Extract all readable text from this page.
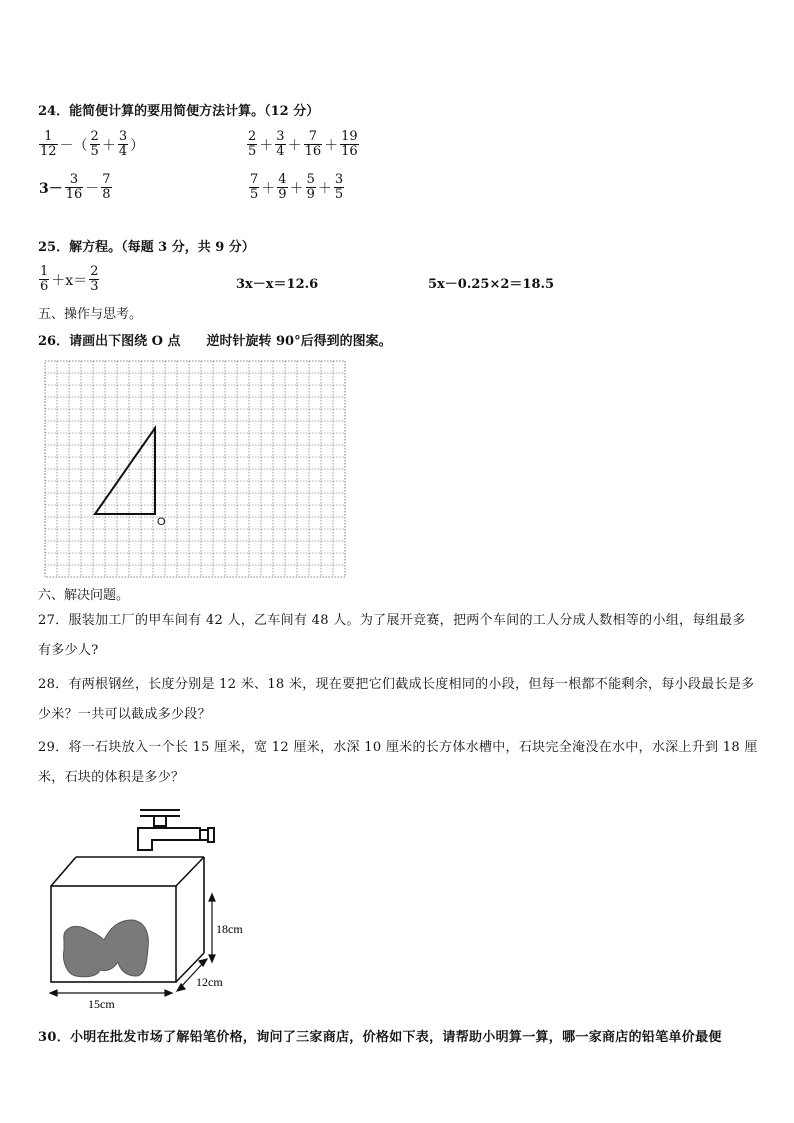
24．能简便计算的要用简便方法计算。（12 分）
$\frac{1}{12}$ －（ $\frac{2}{5} + \frac{3}{4}$ ）	$\frac{2}{5} + \frac{3}{4} + \frac{7}{16} + \frac{19}{16}$
$3- \frac{3}{16} - \frac{7}{8}$	$\frac{7}{5} + \frac{4}{9} + \frac{5}{9} + \frac{3}{5}$
25．解方程。（每题 3 分，共 9 分）
$\frac{1}{6} +x= \frac{2}{3}$	3x－x＝12.6	5x－0.25×2＝18.5
五、操作与思考。
26．请画出下图绕 O 点　　逆时针旋转 90°后得到的图案。
O
六、解决问题。
27．服装加工厂的甲车间有 42 人，乙车间有 48 人。为了展开竞赛，把两个车间的工人分成人数相等的小组，每组最多有多少人?
28．有两根钢丝，长度分别是 12 米、18 米，现在要把它们截成长度相同的小段，但每一根都不能剩余，每小段最长是多少米？一共可以截成多少段？
29．将一石块放入一个长 15 厘米，宽 12 厘米，水深 10 厘米的长方体水槽中，石块完全淹没在水中，水深上升到 18 厘米，石块的体积是多少？
18cm
12cm
15cm
30．小明在批发市场了解铅笔价格，询问了三家商店，价格如下表，请帮助小明算一算，哪一家商店的铅笔单价最便
